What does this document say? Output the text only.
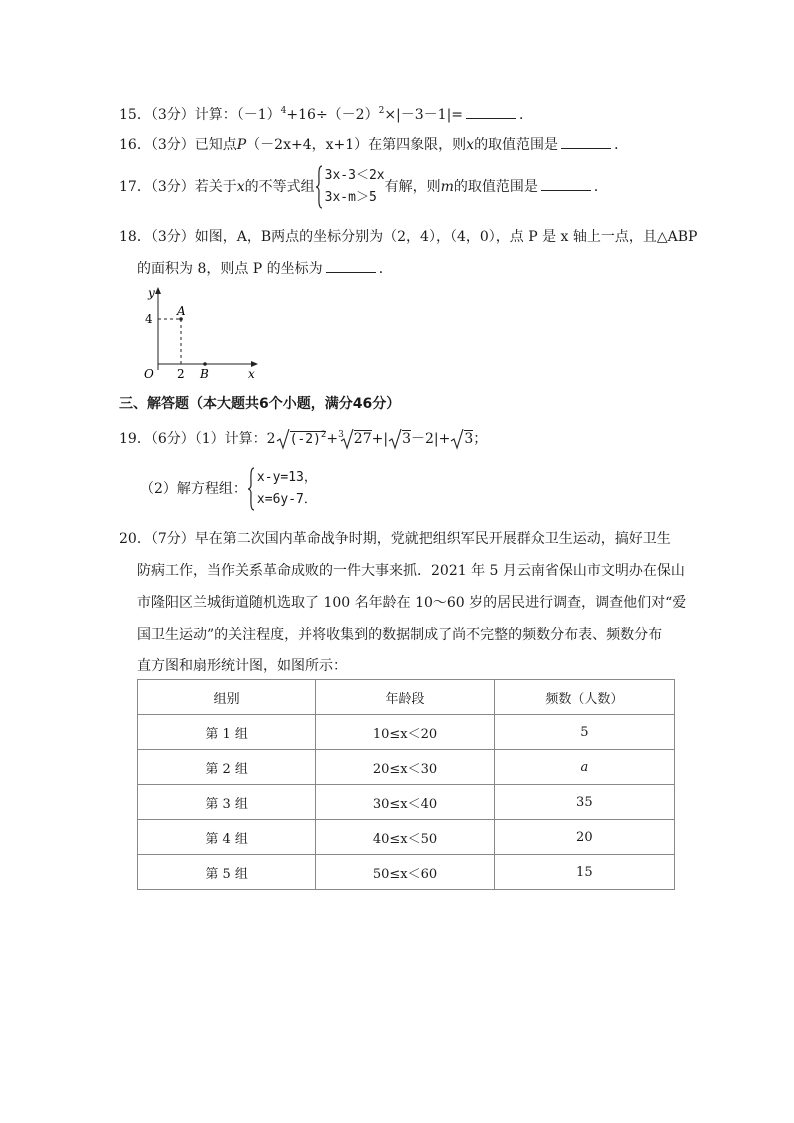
15．（3分）计算：$(-1)^4+16\div(-2)^2\times|-3-1|=$	．
16．（3分）已知点P（－2x+4，x+1）在第四象限，则x的取值范围是	．
17．（3分）若关于x的不等式组
3x-3＜2x
3x-m＞5
有解，则m的取值范围是	．
18．（3分）如图，A，B两点的坐标分别为（2，4），（4，0），点 P 是 x 轴上一点，且△ABP
的面积为 8，则点 P 的坐标为	．
y
x
O
4
2
A
B
三、解答题（本大题共6个小题，满分46分）
19．（6分）（1）计算：2 $(-2)^2+^3$ 27+| 3－2|+ 3；
（2）解方程组：
x-y=13，
x=6y-7．
20．（7分）早在第二次国内革命战争时期，党就把组织军民开展群众卫生运动，搞好卫生
防病工作，当作关系革命成败的一件大事来抓．2021 年 5 月云南省保山市文明办在保山
市隆阳区兰城街道随机选取了 100 名年龄在 10～60 岁的居民进行调查，调查他们对“爱
国卫生运动”的关注程度，并将收集到的数据制成了尚不完整的频数分布表、频数分布
直方图和扇形统计图，如图所示：
组别	年龄段	频数（人数）
第 1 组	10≤x＜20	5
第 2 组	20≤x＜30	a
第 3 组	30≤x＜40	35
第 4 组	40≤x＜50	20
第 5 组	50≤x＜60	15
